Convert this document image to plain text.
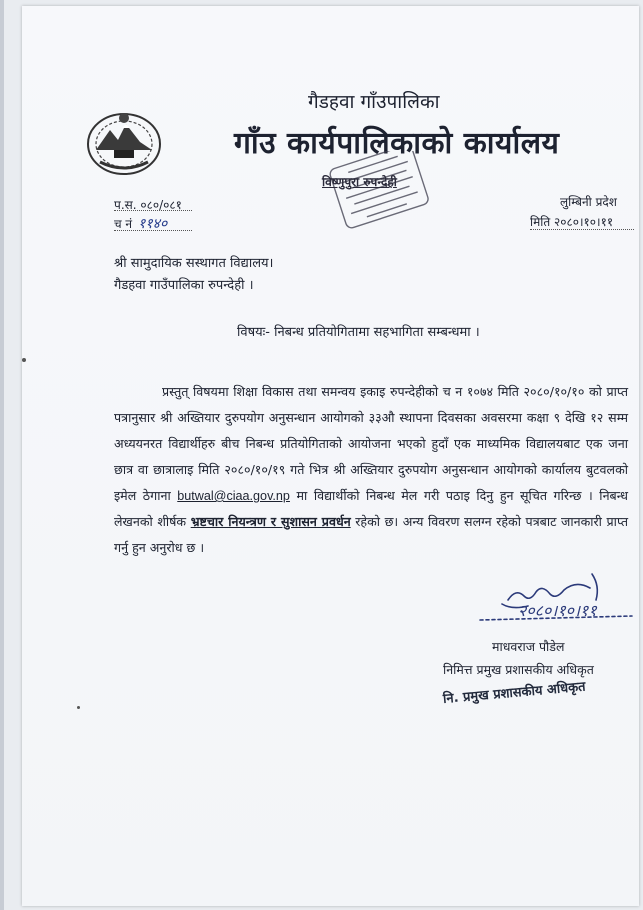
गैडहवा गाँउपालिका
गाँउ कार्यपालिकाको कार्यालय
विष्णुपुरा रुपन्देही
प.स. ०८०/०८१
च नं ११४०
लुम्बिनी प्रदेश
मिति २०८०।१०।११
श्री सामुदायिक सस्थागत विद्यालय।
गैडहवा गाउँपालिका रुपन्देही ।
विषयः- निबन्ध प्रतियोगितामा सहभागिता सम्बन्धमा ।
प्रस्तुत् विषयमा शिक्षा विकास तथा समन्वय इकाइ रुपन्देहीको च न १०७४ मिति २०८०/१०/१० को प्राप्त पत्रानुसार श्री अख्तियार दुरुपयोग अनुसन्धान आयोगको ३३औ स्थापना दिवसका अवसरमा कक्षा ९ देखि १२ सम्म अध्ययनरत विद्यार्थीहरु बीच निबन्ध प्रतियोगिताको आयोजना भएको हुदाँ एक माध्यमिक विद्यालयबाट एक जना छात्र वा छात्रालाइ मिति २०८०/१०/१९ गते भित्र श्री अख्तियार दुरुपयोग अनुसन्धान आयोगको कार्यालय बुटवलको इमेल ठेगाना butwal@ciaa.gov.np मा विद्यार्थीको निबन्ध मेल गरी पठाइ दिनु हुन सूचित गरिन्छ । निबन्ध लेखनको शीर्षक भ्रष्टचार नियन्त्रण र सुशासन प्रवर्धन रहेको छ। अन्य विवरण सलग्न रहेको पत्रबाट जानकारी प्राप्त गर्नु हुन अनुरोध छ ।
२०८०।१०।११
माधवराज पौडेल
निमित्त प्रमुख प्रशासकीय अधिकृत
नि. प्रमुख प्रशासकीय अधिकृत
